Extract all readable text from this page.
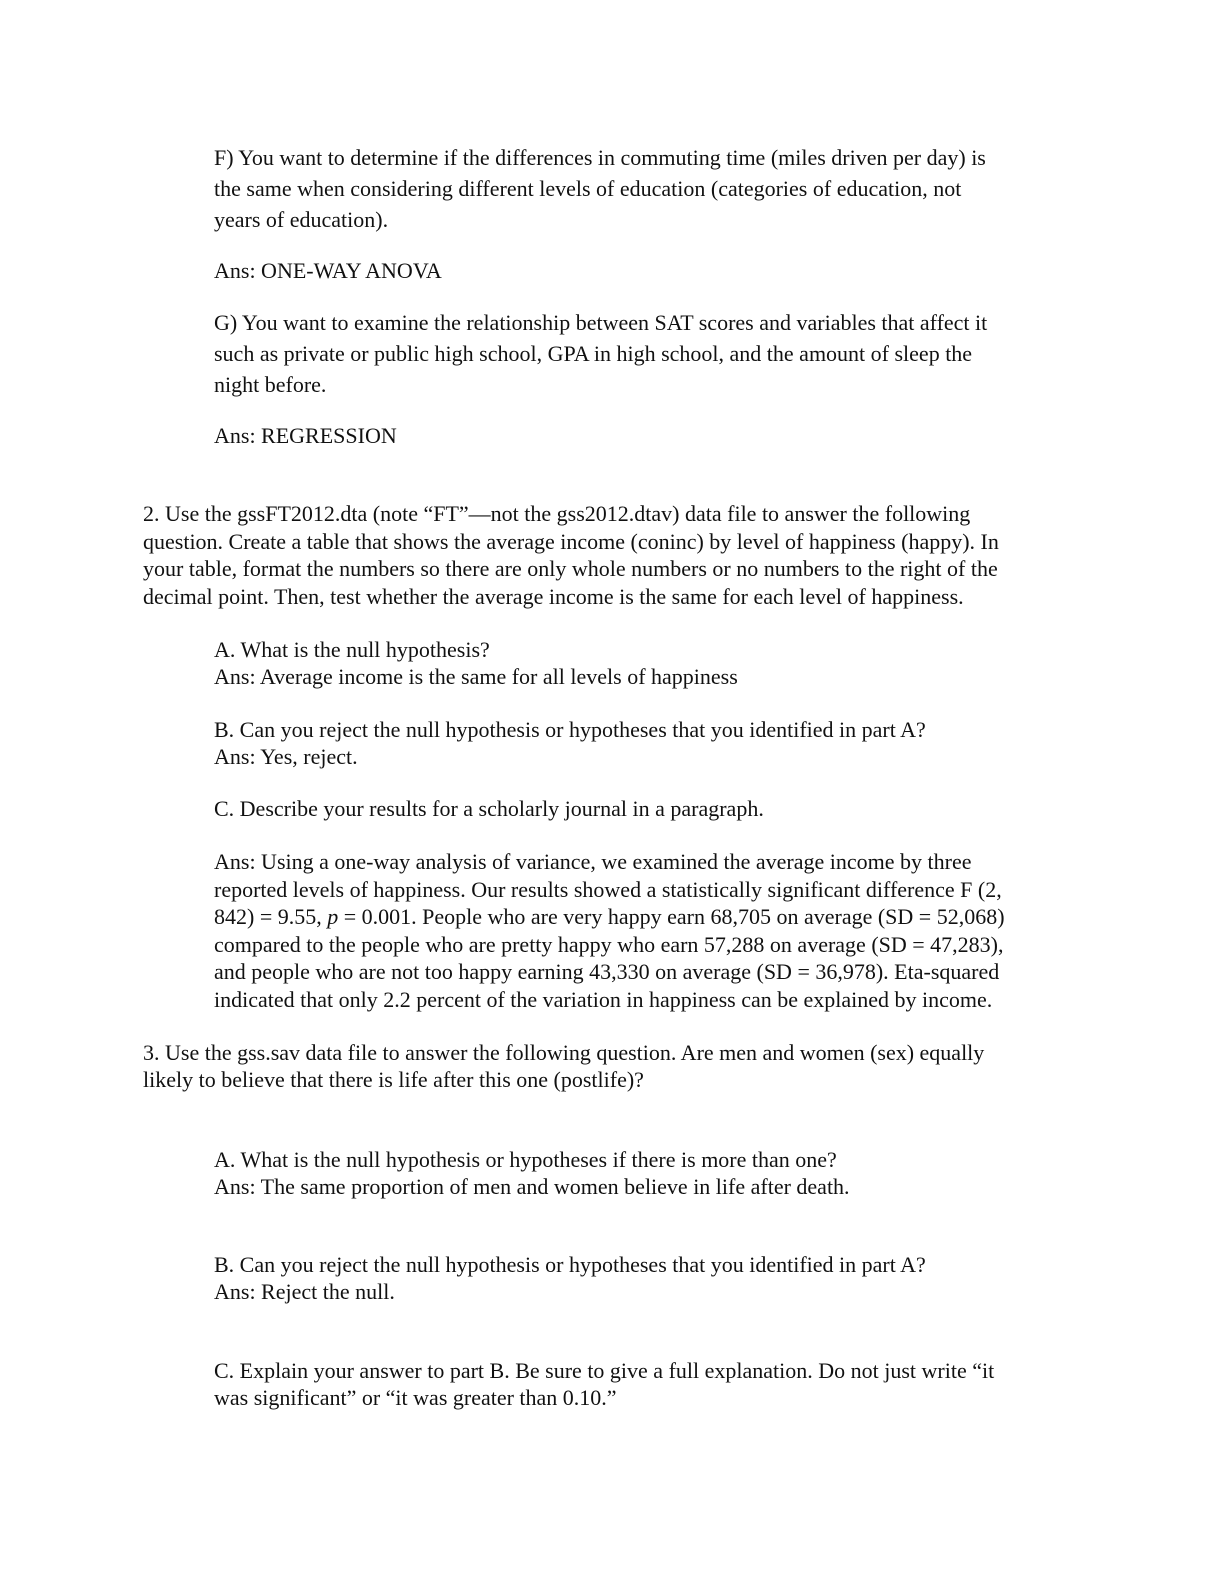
F) You want to determine if the differences in commuting time (miles driven per day) is
the same when considering different levels of education (categories of education, not
years of education).
Ans: ONE-WAY ANOVA
G) You want to examine the relationship between SAT scores and variables that affect it
such as private or public high school, GPA in high school, and the amount of sleep the
night before.
Ans: REGRESSION
2. Use the gssFT2012.dta (note “FT”—not the gss2012.dtav) data file to answer the following
question. Create a table that shows the average income (coninc) by level of happiness (happy). In
your table, format the numbers so there are only whole numbers or no numbers to the right of the
decimal point. Then, test whether the average income is the same for each level of happiness.
A. What is the null hypothesis?
Ans: Average income is the same for all levels of happiness
B. Can you reject the null hypothesis or hypotheses that you identified in part A?
Ans: Yes, reject.
C. Describe your results for a scholarly journal in a paragraph.
Ans: Using a one-way analysis of variance, we examined the average income by three
reported levels of happiness. Our results showed a statistically significant difference F (2,
842) = 9.55, p = 0.001. People who are very happy earn 68,705 on average (SD = 52,068)
compared to the people who are pretty happy who earn 57,288 on average (SD = 47,283),
and people who are not too happy earning 43,330 on average (SD = 36,978). Eta-squared
indicated that only 2.2 percent of the variation in happiness can be explained by income.
3. Use the gss.sav data file to answer the following question. Are men and women (sex) equally
likely to believe that there is life after this one (postlife)?
A. What is the null hypothesis or hypotheses if there is more than one?
Ans: The same proportion of men and women believe in life after death.
B. Can you reject the null hypothesis or hypotheses that you identified in part A?
Ans: Reject the null.
C. Explain your answer to part B. Be sure to give a full explanation. Do not just write “it
was significant” or “it was greater than 0.10.”
